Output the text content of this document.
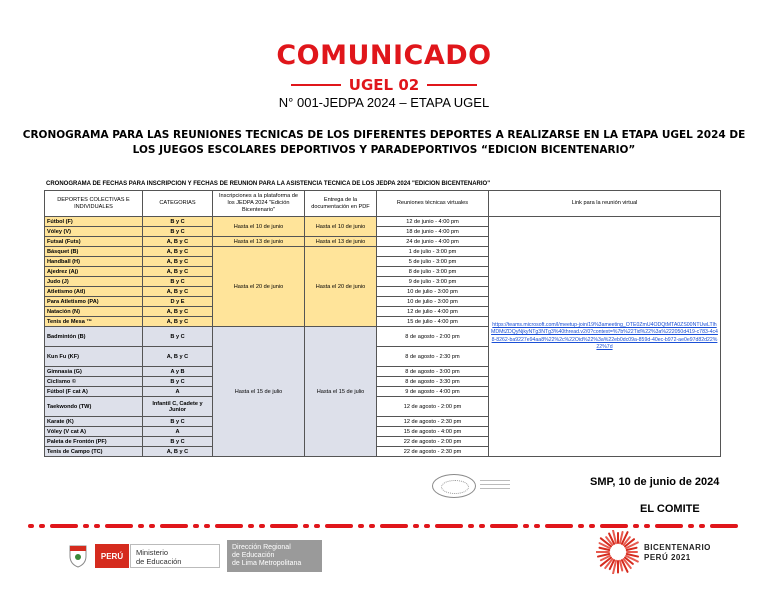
COMUNICADO
UGEL 02
N° 001-JEDPA 2024 – ETAPA UGEL
CRONOGRAMA PARA LAS REUNIONES TECNICAS DE LOS DIFERENTES DEPORTES A REALIZARSE EN LA ETAPA UGEL 2024 DE LOS JUEGOS ESCOLARES DEPORTIVOS Y PARADEPORTIVOS “EDICION BICENTENARIO”
CRONOGRAMA DE FECHAS PARA INSCRIPCION Y FECHAS DE REUNION PARA LA ASISTENCIA TECNICA DE LOS JEDPA 2024 "EDICION BICENTENARIO"
DEPORTES COLECTIVAS E INDIVIDUALES	CATEGORIAS	Inscripciones a la plataforma de los JEDPA 2024 "Edición Bicentenario"	Entrega de la documentación en PDF	Reuniones técnicas virtuales	Link para la reunión virtual
Fútbol (F)	B y C	Hasta el 10 de junio	Hasta el 10 de junio	12 de junio - 4:00 pm	https://teams.microsoft.com/l/meetup-join/19%3ameeting_OTE0ZmU4ODQtMTA0ZS00NTUwLTlhMDMtZDQyNjkyNTg3NTg3%40thread.v2/0?context=%7b%22Tid%22%3a%222050d419-c783-4c48-8262-ba9227e94aa8%22%2c%22Oid%22%3a%22eb0dc09a-859d-40ec-b972-ae0e97d82d22%22%7d
Vóley (V)	B y C			18 de junio - 4:00 pm	
Futsal (Futs)	A, B y C	Hasta el 13 de junio	Hasta el 13 de junio	24 de junio - 4:00 pm	
Básquet (B)	A, B y C	Hasta el 20 de junio	Hasta el 20 de junio	1 de julio - 3:00 pm	
Handball (H)	A, B y C			5 de julio - 3:00 pm	
Ajedrez (Aj)	A, B y C			8 de julio - 3:00 pm	
Judo (J)	B y C			9 de julio - 3:00 pm	
Atletismo (Atl)	A, B y C			10 de julio - 3:00 pm	
Para Atletismo (PA)	D y E			10 de julio - 3:00 pm	
Natación (N)	A, B y C			12 de julio - 4:00 pm	
Tenis de Mesa ™	A, B y C			15 de julio - 4:00 pm	
Badmintón (B)	B y C	Hasta el 15 de julio	Hasta el 15 de julio	8 de agosto - 2:00 pm	
Kun Fu (KF)	A, B y C			8 de agosto - 2:30 pm	
Gimnasia (G)	A y B			8 de agosto - 3:00 pm	
Ciclismo ©	B y C			8 de agosto - 3:30 pm	
Fútbol (F cat A)	A			9 de agosto - 4:00 pm	
Taekwondo (TW)	Infantil C, Cadete y Junior			12 de agosto - 2:00 pm	
Karate (K)	B y C			12 de agosto - 2:30 pm	
Vóley (V cat A)	A			15 de agosto - 4:00 pm	
Paleta de Frontón (PF)	B y C			22 de agosto - 2:00 pm	
Tenis de Campo (TC)	A, B y C			22 de agosto - 2:30 pm	
SMP, 10 de junio de 2024
EL COMITE
PERÚ	Ministerio
de Educación
Dirección Regional
de Educación
de Lima Metropolitana
BICENTENARIO
PERÚ 2021
